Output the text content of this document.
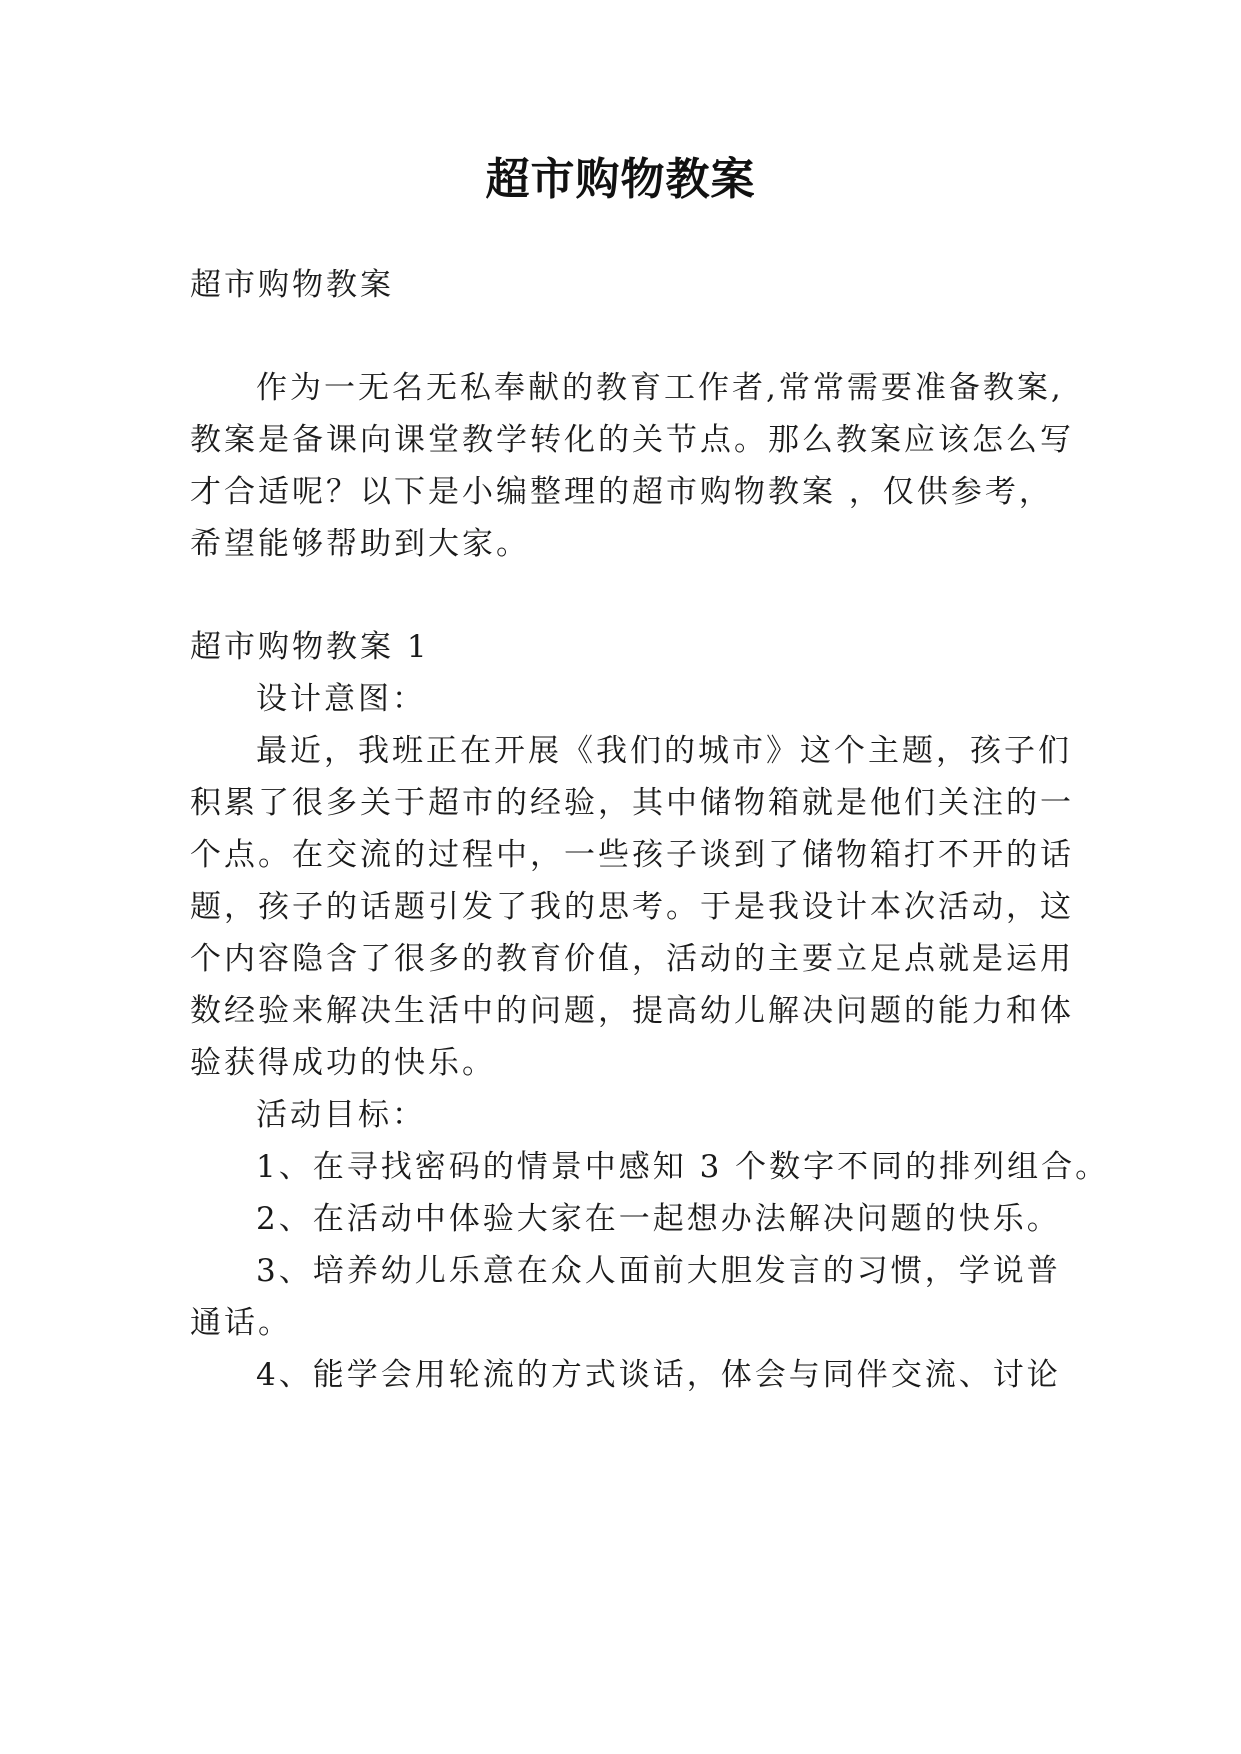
超市购物教案
超市购物教案
作为一无名无私奉献的教育工作者,常常需要准备教案,
教案是备课向课堂教学转化的关节点。那么教案应该怎么写
才合适呢？以下是小编整理的超市购物教案 ，仅供参考，
希望能够帮助到大家。
超市购物教案 1
设计意图：
最近，我班正在开展《我们的城市》这个主题，孩子们
积累了很多关于超市的经验，其中储物箱就是他们关注的一
个点。在交流的过程中，一些孩子谈到了储物箱打不开的话
题，孩子的话题引发了我的思考。于是我设计本次活动，这
个内容隐含了很多的教育价值，活动的主要立足点就是运用
数经验来解决生活中的问题，提高幼儿解决问题的能力和体
验获得成功的快乐。
活动目标：
1、在寻找密码的情景中感知 3 个数字不同的排列组合。
2、在活动中体验大家在一起想办法解决问题的快乐。
3、培养幼儿乐意在众人面前大胆发言的习惯，学说普
通话。
4、能学会用轮流的方式谈话，体会与同伴交流、讨论
